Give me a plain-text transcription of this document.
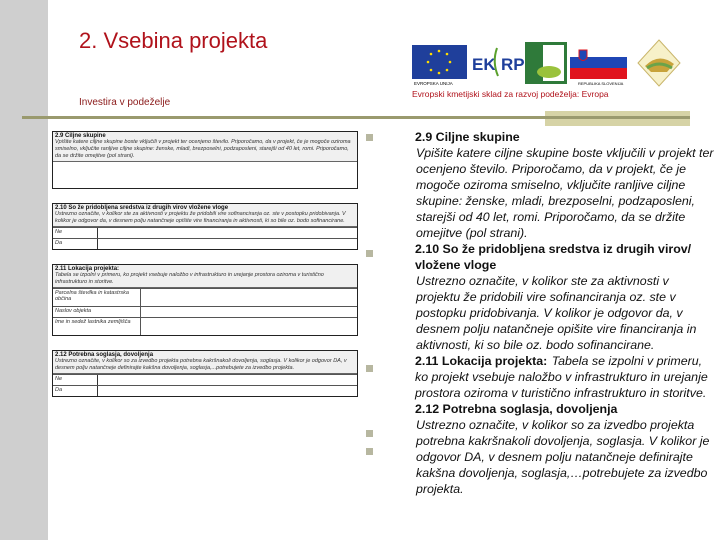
2. Vsebina projekta
Investira v podeželje
EVROPSKA UNIJA
EK RP
REPUBLIKA SLOVENIJA
Evropski kmetijski sklad za razvoj podeželja: Evropa
2.9 Ciljne skupine
Vpišite katere ciljne skupine boste vključili v projekt ter ocenjeno število. Priporočamo, da v projekt, če je mogoče oziroma smiselno, vključite ranljive ciljne skupine: ženske, mladi, brezposelni, podzaposleni, starejši od 40 let, romi. Priporočamo, da se držite omejitve (pol strani).
2.10 So že pridobljena sredstva iz drugih virov vložene vloge
Ustrezno označite, v kolikor ste za aktivnosti v projektu že pridobili vire sofinanciranja oz. ste v postopku pridobivanja. V kolikor je odgovor da, v desnem polju natančneje opišite vire financiranja in aktivnosti, ki so bile oz. bodo sofinancirane.
Ne
Da
2.11 Lokacija projekta:
Tabela se izpolni v primeru, ko projekt vsebuje naložbo v infrastrukturo in urejanje prostora oziroma v turistično infrastrukturo in storitve.
Parcelna številka in katastrska občina
Naslov objekta
Ime in sedež lastnika zemljišča
2.12 Potrebna soglasja, dovoljenja
Ustrezno označite, v kolikor so za izvedbo projekta potrebna kakršnakoli dovoljenja, soglasja. V kolikor je odgovor DA, v desnem polju natančneje definirajte kakšna dovoljenja, soglasja,...potrebujete za izvedbo projekta.
Ne
Da

2.9 Ciljne skupine

Vpišite katere ciljne skupine boste vključili v projekt ter ocenjeno število. Priporočamo, da v projekt, če je mogoče oziroma smiselno, vključite ranljive ciljne skupine: ženske, mladi, brezposelni, podzaposleni, starejši od 40 let, romi. Priporočamo, da se držite omejitve (pol strani).

2.10 So že pridobljena sredstva iz drugih virov/ vložene vloge

Ustrezno označite, v kolikor ste za aktivnosti v projektu že pridobili vire sofinanciranja oz. ste v postopku pridobivanja. V kolikor je odgovor da, v desnem polju natančneje opišite vire financiranja in aktivnosti, ki so bile oz. bodo sofinancirane.

2.11 Lokacija projekta: Tabela se izpolni v primeru, ko projekt vsebuje naložbo v infrastrukturo in urejanje prostora oziroma v turistično infrastrukturo in storitve.

2.12 Potrebna soglasja, dovoljenja

Ustrezno označite, v kolikor so za izvedbo projekta potrebna kakršnakoli dovoljenja, soglasja. V kolikor je odgovor DA, v desnem polju natančneje definirajte kakšna dovoljenja, soglasja,…potrebujete za izvedbo projekta.
